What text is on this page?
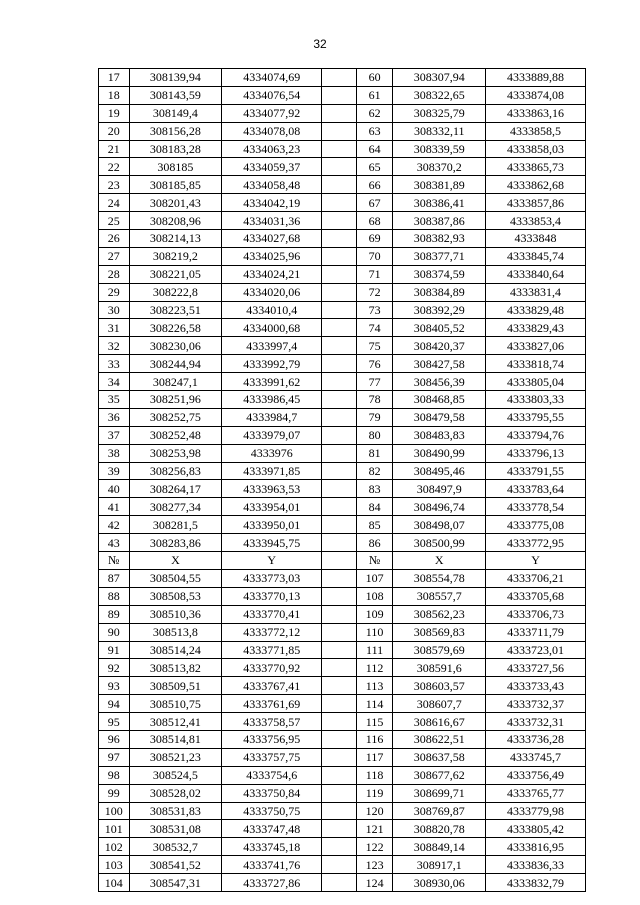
32
17	308139,94	4334074,69		60	308307,94	4333889,88
18	308143,59	4334076,54		61	308322,65	4333874,08
19	308149,4	4334077,92		62	308325,79	4333863,16
20	308156,28	4334078,08		63	308332,11	4333858,5
21	308183,28	4334063,23		64	308339,59	4333858,03
22	308185	4334059,37		65	308370,2	4333865,73
23	308185,85	4334058,48		66	308381,89	4333862,68
24	308201,43	4334042,19		67	308386,41	4333857,86
25	308208,96	4334031,36		68	308387,86	4333853,4
26	308214,13	4334027,68		69	308382,93	4333848
27	308219,2	4334025,96		70	308377,71	4333845,74
28	308221,05	4334024,21		71	308374,59	4333840,64
29	308222,8	4334020,06		72	308384,89	4333831,4
30	308223,51	4334010,4		73	308392,29	4333829,48
31	308226,58	4334000,68		74	308405,52	4333829,43
32	308230,06	4333997,4		75	308420,37	4333827,06
33	308244,94	4333992,79		76	308427,58	4333818,74
34	308247,1	4333991,62		77	308456,39	4333805,04
35	308251,96	4333986,45		78	308468,85	4333803,33
36	308252,75	4333984,7		79	308479,58	4333795,55
37	308252,48	4333979,07		80	308483,83	4333794,76
38	308253,98	4333976		81	308490,99	4333796,13
39	308256,83	4333971,85		82	308495,46	4333791,55
40	308264,17	4333963,53		83	308497,9	4333783,64
41	308277,34	4333954,01		84	308496,74	4333778,54
42	308281,5	4333950,01		85	308498,07	4333775,08
43	308283,86	4333945,75		86	308500,99	4333772,95
№	X	Y		№	X	Y
87	308504,55	4333773,03		107	308554,78	4333706,21
88	308508,53	4333770,13		108	308557,7	4333705,68
89	308510,36	4333770,41		109	308562,23	4333706,73
90	308513,8	4333772,12		110	308569,83	4333711,79
91	308514,24	4333771,85		111	308579,69	4333723,01
92	308513,82	4333770,92		112	308591,6	4333727,56
93	308509,51	4333767,41		113	308603,57	4333733,43
94	308510,75	4333761,69		114	308607,7	4333732,37
95	308512,41	4333758,57		115	308616,67	4333732,31
96	308514,81	4333756,95		116	308622,51	4333736,28
97	308521,23	4333757,75		117	308637,58	4333745,7
98	308524,5	4333754,6		118	308677,62	4333756,49
99	308528,02	4333750,84		119	308699,71	4333765,77
100	308531,83	4333750,75		120	308769,87	4333779,98
101	308531,08	4333747,48		121	308820,78	4333805,42
102	308532,7	4333745,18		122	308849,14	4333816,95
103	308541,52	4333741,76		123	308917,1	4333836,33
104	308547,31	4333727,86		124	308930,06	4333832,79
